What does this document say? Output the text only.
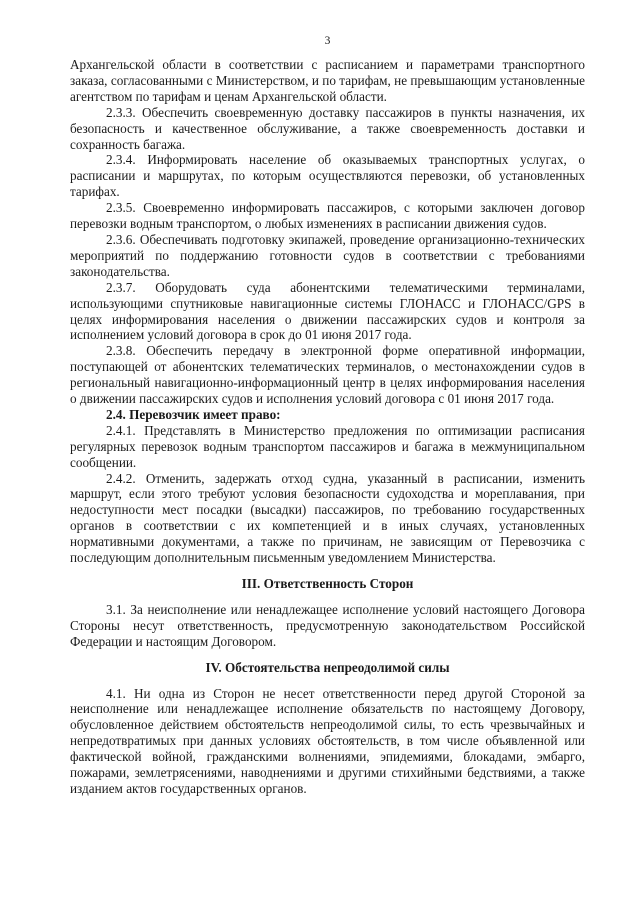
3

Архангельской области в соответствии с расписанием и параметрами транспортного заказа, согласованными с Министерством, и по тарифам, не превышающим установленные агентством по тарифам и ценам Архангельской области.

2.3.3. Обеспечить своевременную доставку пассажиров в пункты назначения, их безопасность и качественное обслуживание, а также своевременность доставки и сохранность багажа.

2.3.4. Информировать население об оказываемых транспортных услугах, о расписании и маршрутах, по которым осуществляются перевозки, об установленных тарифах.

2.3.5. Своевременно информировать пассажиров, с которыми заключен договор перевозки водным транспортом, о любых изменениях в расписании движения судов.

2.3.6. Обеспечивать подготовку экипажей, проведение организационно-технических мероприятий по поддержанию готовности судов в соответствии с требованиями законодательства.

2.3.7. Оборудовать суда абонентскими телематическими терминалами, использующими спутниковые навигационные системы ГЛОНАСС и ГЛОНАСС/GPS в целях информирования населения о движении пассажирских судов и контроля за исполнением условий договора в срок до 01 июня 2017 года.

2.3.8. Обеспечить передачу в электронной форме оперативной информации, поступающей от абонентских телематических терминалов, о местонахождении судов в региональный навигационно-информационный центр в целях информирования населения о движении пассажирских судов и исполнения условий договора с 01 июня 2017 года.

2.4. Перевозчик имеет право:

2.4.1. Представлять в Министерство предложения по оптимизации расписания регулярных перевозок водным транспортом пассажиров и багажа в межмуниципальном сообщении.

2.4.2. Отменить, задержать отход судна, указанный в расписании, изменить маршрут, если этого требуют условия безопасности судоходства и мореплавания, при недоступности мест посадки (высадки) пассажиров, по требованию государственных органов в соответствии с их компетенцией и в иных случаях, установленных нормативными документами, а также по причинам, не зависящим от Перевозчика с последующим дополнительным письменным уведомлением Министерства.

III. Ответственность Сторон

3.1. За неисполнение или ненадлежащее исполнение условий настоящего Договора Стороны несут ответственность, предусмотренную законодательством Российской Федерации и настоящим Договором.

IV. Обстоятельства непреодолимой силы

4.1. Ни одна из Сторон не несет ответственности перед другой Стороной за неисполнение или ненадлежащее исполнение обязательств по настоящему Договору, обусловленное действием обстоятельств непреодолимой силы, то есть чрезвычайных и непредотвратимых при данных условиях обстоятельств, в том числе объявленной или фактической войной, гражданскими волнениями, эпидемиями, блокадами, эмбарго, пожарами, землетрясениями, наводнениями и другими стихийными бедствиями, а также изданием актов государственных органов.
